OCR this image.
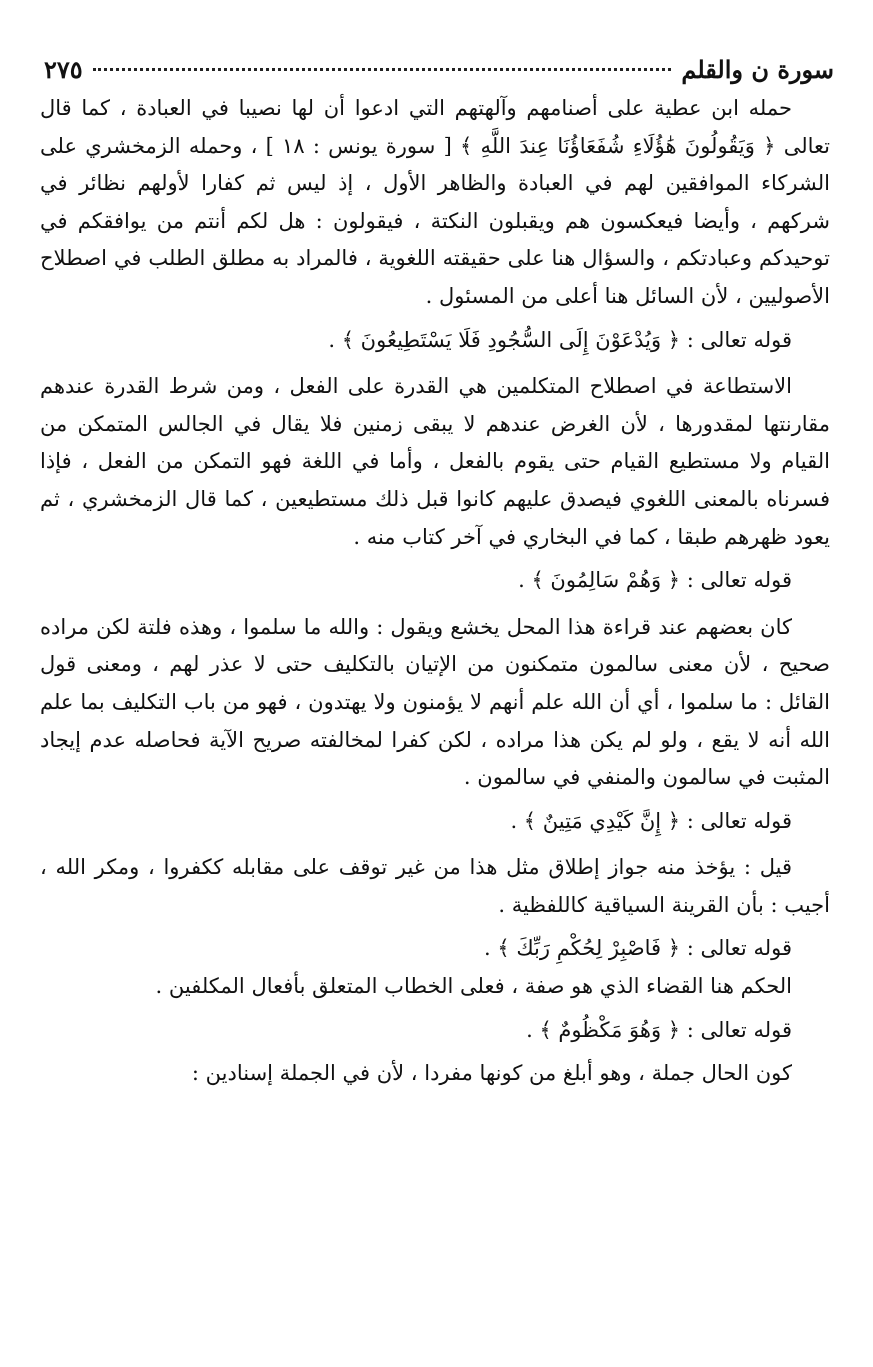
سورة ن والقلم
٢٧٥

حمله ابن عطية على أصنامهم وآلهتهم التي ادعوا أن لها نصيبا في العبادة ، كما قال تعالى ﴿ وَيَقُولُونَ هَٰؤُلَاءِ شُفَعَاؤُنَا عِندَ اللَّهِ ﴾ [ سورة يونس : ١٨ ] ، وحمله الزمخشري على الشركاء الموافقين لهم في العبادة والظاهر الأول ، إذ ليس ثم كفارا لأولهم نظائر في شركهم ، وأيضا فيعكسون هم ويقبلون النكتة ، فيقولون : هل لكم أنتم من يوافقكم في توحيدكم وعبادتكم ، والسؤال هنا على حقيقته اللغوية ، فالمراد به مطلق الطلب في اصطلاح الأصوليين ، لأن السائل هنا أعلى من المسئول .

قوله تعالى : ﴿ وَيُدْعَوْنَ إِلَى السُّجُودِ فَلَا يَسْتَطِيعُونَ ﴾ .

الاستطاعة في اصطلاح المتكلمين هي القدرة على الفعل ، ومن شرط القدرة عندهم مقارنتها لمقدورها ، لأن الغرض عندهم لا يبقى زمنين فلا يقال في الجالس المتمكن من القيام ولا مستطيع القيام حتى يقوم بالفعل ، وأما في اللغة فهو التمكن من الفعل ، فإذا فسرناه بالمعنى اللغوي فيصدق عليهم كانوا قبل ذلك مستطيعين ، كما قال الزمخشري ، ثم يعود ظهرهم طبقا ، كما في البخاري في آخر كتاب منه .

قوله تعالى : ﴿ وَهُمْ سَالِمُونَ ﴾ .

كان بعضهم عند قراءة هذا المحل يخشع ويقول : والله ما سلموا ، وهذه فلتة لكن مراده صحيح ، لأن معنى سالمون متمكنون من الإتيان بالتكليف حتى لا عذر لهم ، ومعنى قول القائل : ما سلموا ، أي أن الله علم أنهم لا يؤمنون ولا يهتدون ، فهو من باب التكليف بما علم الله أنه لا يقع ، ولو لم يكن هذا مراده ، لكن كفرا لمخالفته صريح الآية فحاصله عدم إيجاد المثبت في سالمون والمنفي في سالمون .

قوله تعالى : ﴿ إِنَّ كَيْدِي مَتِينٌ ﴾ .

قيل : يؤخذ منه جواز إطلاق مثل هذا من غير توقف على مقابله ككفروا ، ومكر الله ، أجيب : بأن القرينة السياقية كاللفظية .

قوله تعالى : ﴿ فَاصْبِرْ لِحُكْمِ رَبِّكَ ﴾ .

الحكم هنا القضاء الذي هو صفة ، فعلى الخطاب المتعلق بأفعال المكلفين .

قوله تعالى : ﴿ وَهُوَ مَكْظُومٌ ﴾ .

كون الحال جملة ، وهو أبلغ من كونها مفردا ، لأن في الجملة إسنادين :
